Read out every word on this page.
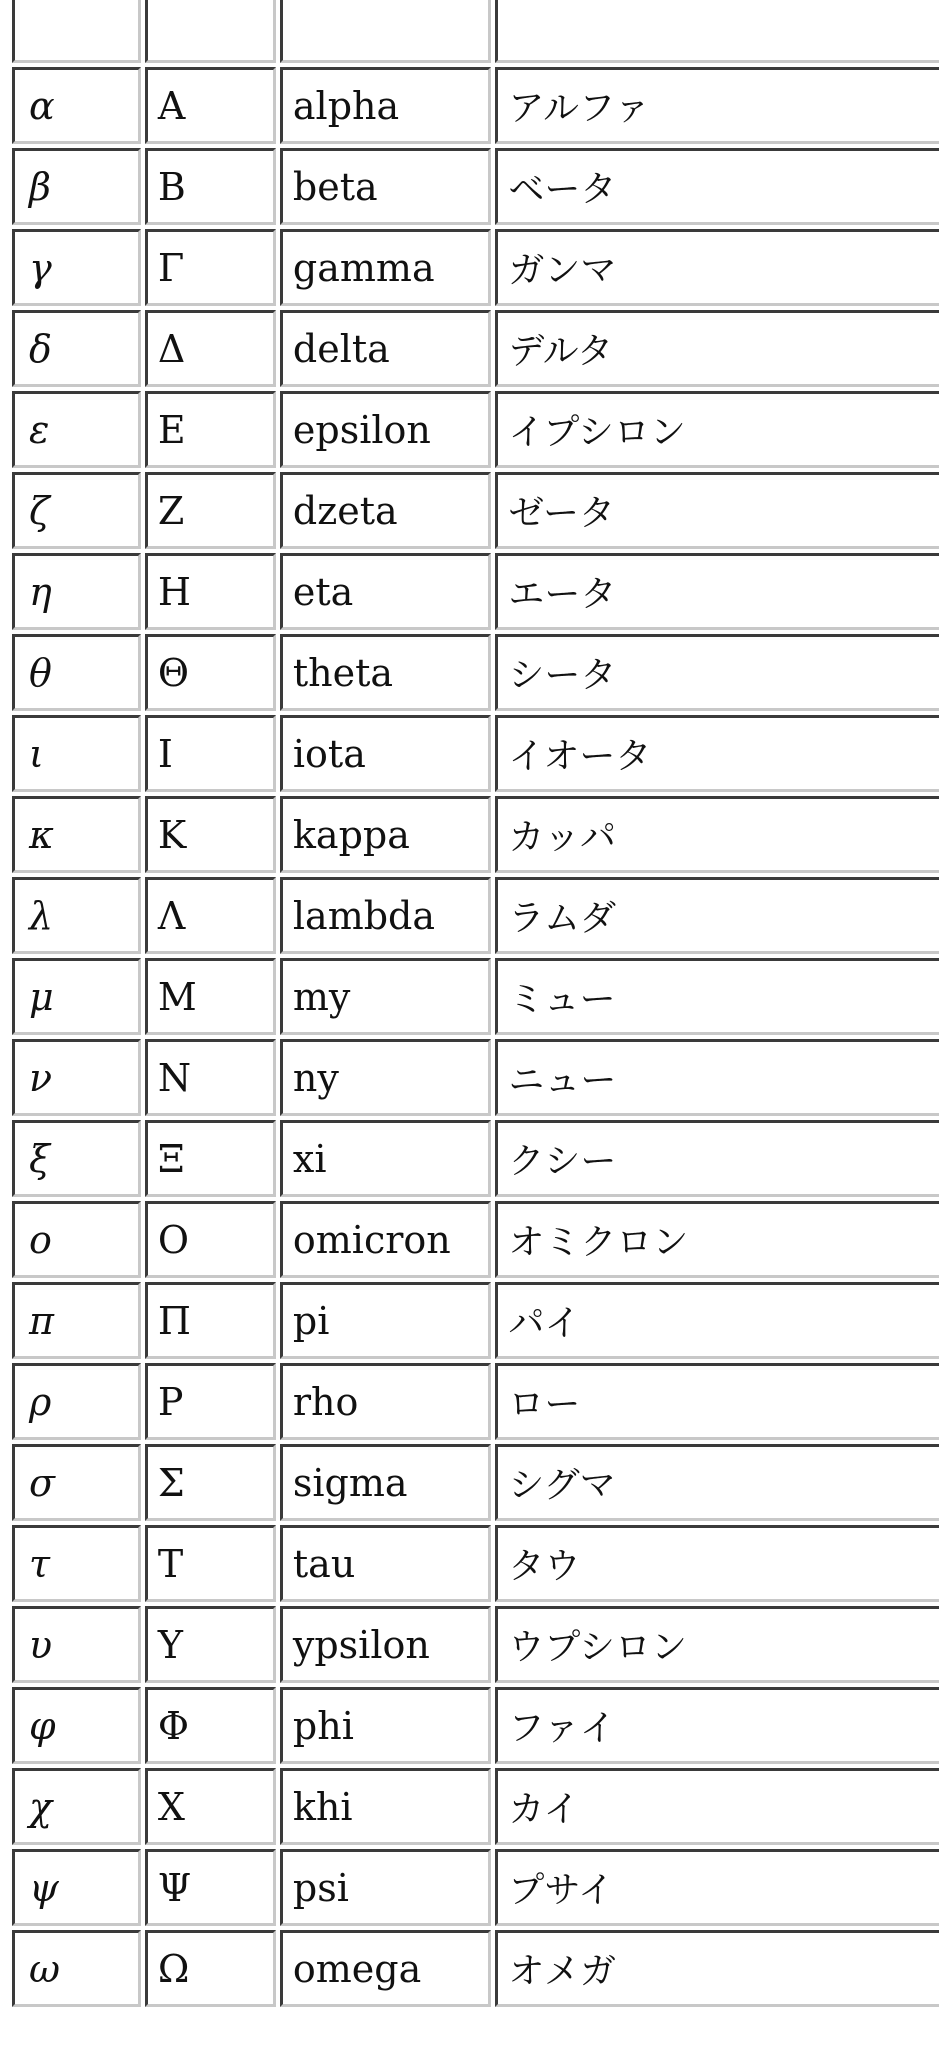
α	A	alpha	アルファ
β	B	beta	ベータ
γ	Γ	gamma	ガンマ
δ	Δ	delta	デルタ
ε	E	epsilon	イプシロン
ζ	Z	dzeta	ゼータ
η	H	eta	エータ
θ	Θ	theta	シータ
ι	I	iota	イオータ
κ	K	kappa	カッパ
λ	Λ	lambda	ラムダ
μ	M	my	ミュー
ν	N	ny	ニュー
ξ	Ξ	xi	クシー
ο	O	omicron	オミクロン
π	Π	pi	パイ
ρ	P	rho	ロー
σ	Σ	sigma	シグマ
τ	T	tau	タウ
υ	Υ	ypsilon	ウプシロン
φ	Φ	phi	ファイ
χ	X	khi	カイ
ψ	Ψ	psi	プサイ
ω	Ω	omega	オメガ
